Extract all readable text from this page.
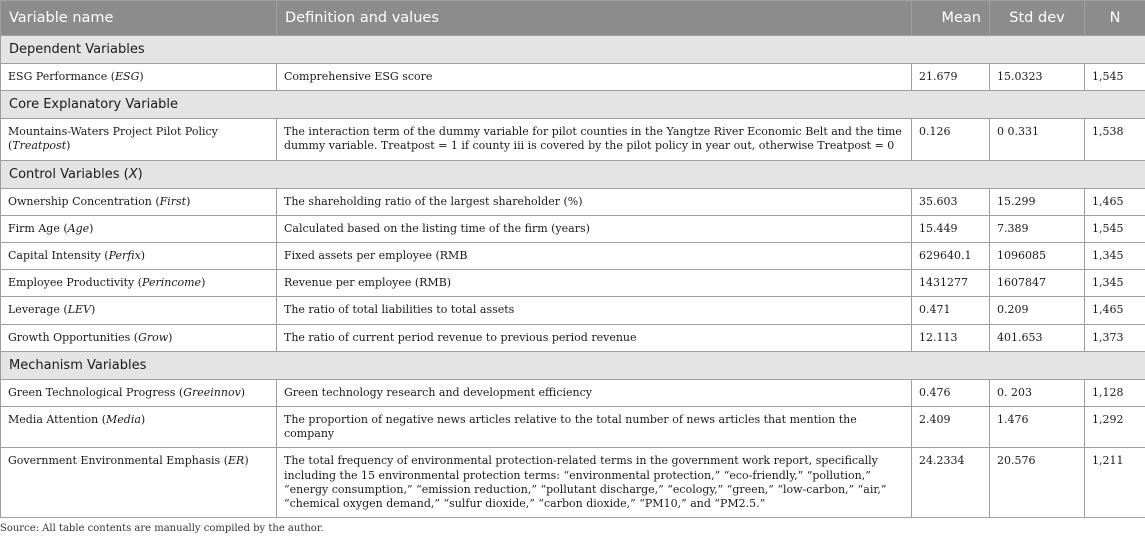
Variable name	Definition and values	Mean	Std dev	N
Dependent Variables				
ESG Performance (ESG)	Comprehensive ESG score	21.679	15.0323	1,545
Core Explanatory Variable				
Mountains-Waters Project Pilot Policy (Treatpost)	The interaction term of the dummy variable for pilot counties in the Yangtze River Economic Belt and the time dummy variable. Treatpost = 1 if county iii is covered by the pilot policy in year out, otherwise Treatpost = 0	0.126	0 0.331	1,538
Control Variables (X)				
Ownership Concentration (First)	The shareholding ratio of the largest shareholder (%)	35.603	15.299	1,465
Firm Age (Age)	Calculated based on the listing time of the firm (years)	15.449	7.389	1,545
Capital Intensity (Perfix)	Fixed assets per employee (RMB	629640.1	1096085	1,345
Employee Productivity (Perincome)	Revenue per employee (RMB)	1431277	1607847	1,345
Leverage (LEV)	The ratio of total liabilities to total assets	0.471	0.209	1,465
Growth Opportunities (Grow)	The ratio of current period revenue to previous period revenue	12.113	401.653	1,373
Mechanism Variables				
Green Technological Progress (Greeinnov)	Green technology research and development efficiency	0.476	0. 203	1,128
Media Attention (Media)	The proportion of negative news articles relative to the total number of news articles that mention the company	2.409	1.476	1,292
Government Environmental Emphasis (ER)	The total frequency of environmental protection-related terms in the government work report, specifically including the 15 environmental protection terms: “environmental protection,” “eco-friendly,” “pollution,” “energy consumption,” “emission reduction,” “pollutant discharge,” “ecology,” “green,” “low-carbon,” “air,” “chemical oxygen demand,” “sulfur dioxide,” “carbon dioxide,” “PM10,” and “PM2.5.”	24.2334	20.576	1,211
Source: All table contents are manually compiled by the author.
